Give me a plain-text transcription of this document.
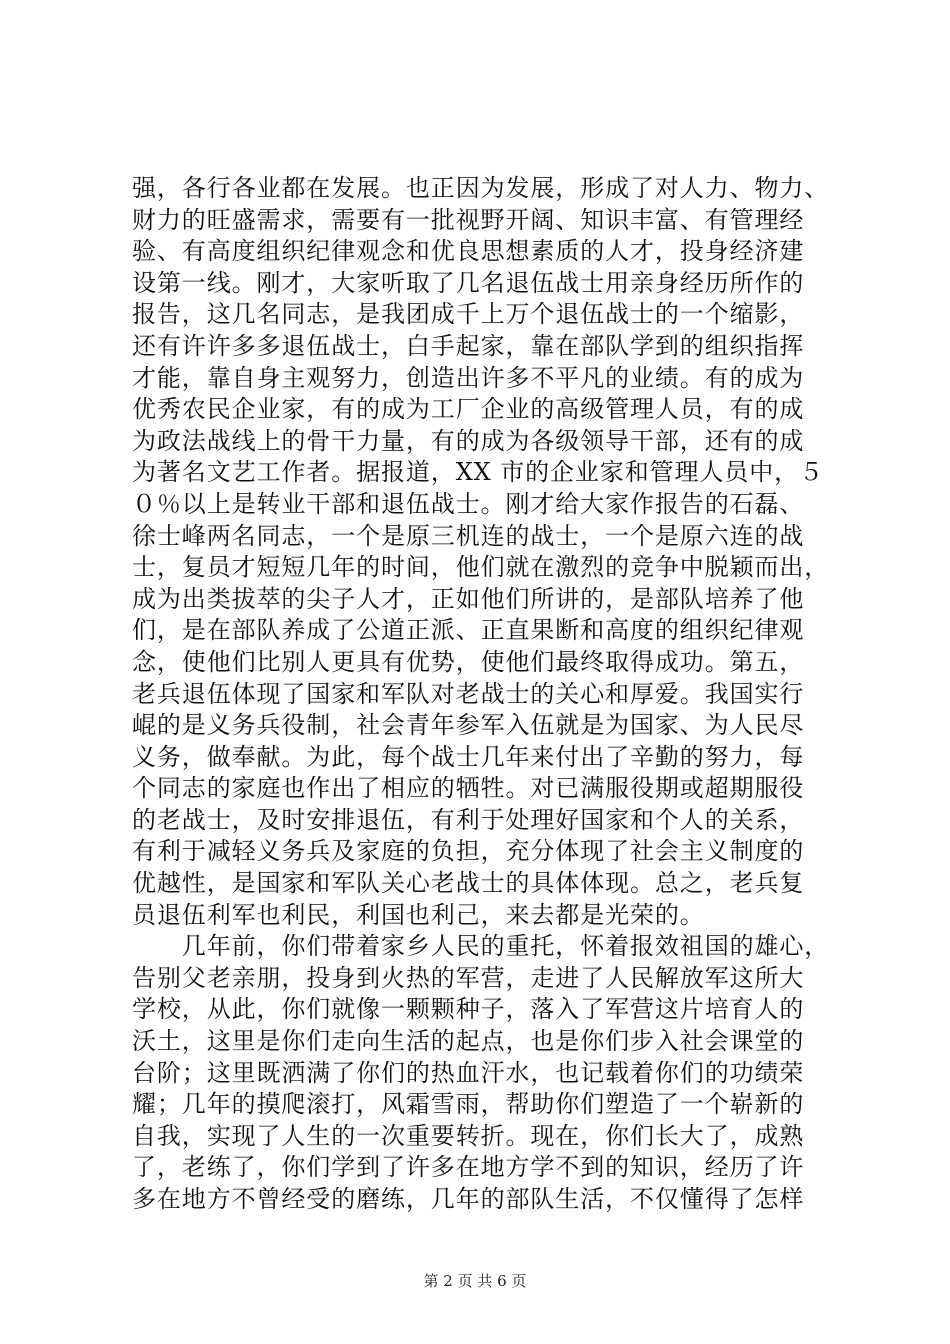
强，各行各业都在发展。也正因为发展，形成了对人力、物力、
财力的旺盛需求，需要有一批视野开阔、知识丰富、有管理经
验、有高度组织纪律观念和优良思想素质的人才，投身经济建
设第一线。刚才，大家听取了几名退伍战士用亲身经历所作的
报告，这几名同志，是我团成千上万个退伍战士的一个缩影，
还有许许多多退伍战士，白手起家，靠在部队学到的组织指挥
才能，靠自身主观努力，创造出许多不平凡的业绩。有的成为
优秀农民企业家，有的成为工厂企业的高级管理人员，有的成
为政法战线上的骨干力量，有的成为各级领导干部，还有的成
为著名文艺工作者。据报道，XX 市的企业家和管理人员中，５
０％以上是转业干部和退伍战士。刚才给大家作报告的石磊、
徐士峰两名同志，一个是原三机连的战士，一个是原六连的战
士，复员才短短几年的时间，他们就在激烈的竞争中脱颖而出，
成为出类拔萃的尖子人才，正如他们所讲的，是部队培养了他
们，是在部队养成了公道正派、正直果断和高度的组织纪律观
念，使他们比别人更具有优势，使他们最终取得成功。第五，
老兵退伍体现了国家和军队对老战士的关心和厚爱。我国实行
崐的是义务兵役制，社会青年参军入伍就是为国家、为人民尽
义务，做奉献。为此，每个战士几年来付出了辛勤的努力，每
个同志的家庭也作出了相应的牺牲。对已满服役期或超期服役
的老战士，及时安排退伍，有利于处理好国家和个人的关系，
有利于减轻义务兵及家庭的负担，充分体现了社会主义制度的
优越性，是国家和军队关心老战士的具体体现。总之，老兵复
员退伍利军也利民，利国也利己，来去都是光荣的。
　　几年前，你们带着家乡人民的重托，怀着报效祖国的雄心，
告别父老亲朋，投身到火热的军营，走进了人民解放军这所大
学校，从此，你们就像一颗颗种子，落入了军营这片培育人的
沃土，这里是你们走向生活的起点，也是你们步入社会课堂的
台阶；这里既洒满了你们的热血汗水，也记载着你们的功绩荣
耀；几年的摸爬滚打，风霜雪雨，帮助你们塑造了一个崭新的
自我，实现了人生的一次重要转折。现在，你们长大了，成熟
了，老练了，你们学到了许多在地方学不到的知识，经历了许
多在地方不曾经受的磨练，几年的部队生活，不仅懂得了怎样
第 2 页 共 6 页
